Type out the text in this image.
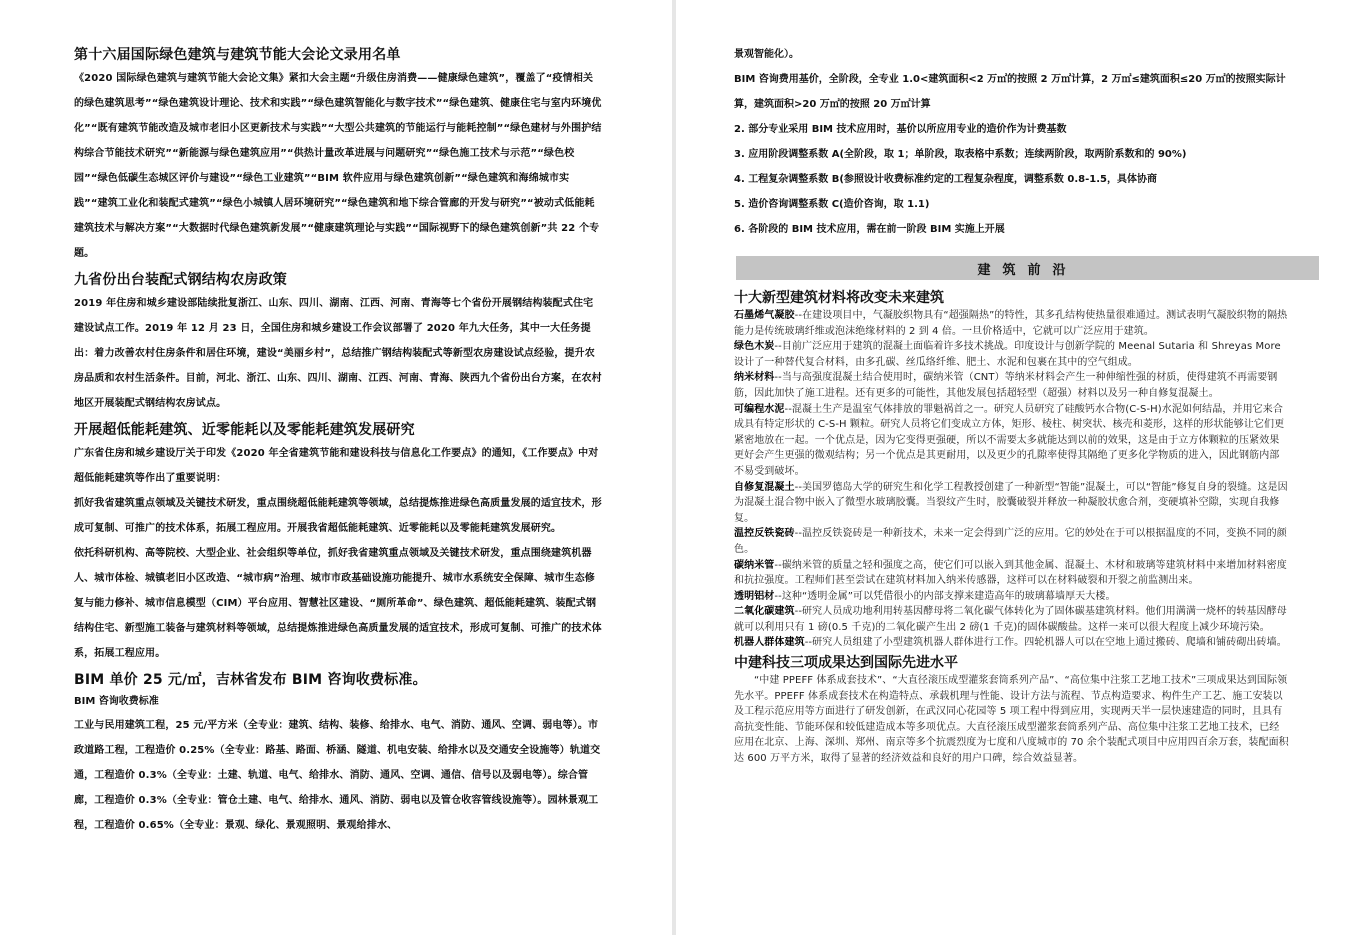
第十六届国际绿色建筑与建筑节能大会论文录用名单

《2020 国际绿色建筑与建筑节能大会论文集》紧扣大会主题“升级住房消费——健康绿色建筑”，覆盖了“疫情相关的绿色建筑思考”“绿色建筑设计理论、技术和实践”“绿色建筑智能化与数字技术”“绿色建筑、健康住宅与室内环境优化”“既有建筑节能改造及城市老旧小区更新技术与实践”“大型公共建筑的节能运行与能耗控制”“绿色建材与外围护结构综合节能技术研究”“新能源与绿色建筑应用”“供热计量改革进展与问题研究”“绿色施工技术与示范”“绿色校园”“绿色低碳生态城区评价与建设”“绿色工业建筑”“BIM 软件应用与绿色建筑创新”“绿色建筑和海绵城市实践”“建筑工业化和装配式建筑”“绿色小城镇人居环境研究”“绿色建筑和地下综合管廊的开发与研究”“被动式低能耗建筑技术与解决方案”“大数据时代绿色建筑新发展”“健康建筑理论与实践”“国际视野下的绿色建筑创新”共 22 个专题。

九省份出台装配式钢结构农房政策

2019 年住房和城乡建设部陆续批复浙江、山东、四川、湖南、江西、河南、青海等七个省份开展钢结构装配式住宅建设试点工作。2019 年 12 月 23 日，全国住房和城乡建设工作会议部署了 2020 年九大任务，其中一大任务提出：着力改善农村住房条件和居住环境，建设“美丽乡村”，总结推广钢结构装配式等新型农房建设试点经验，提升农房品质和农村生活条件。目前，河北、浙江、山东、四川、湖南、江西、河南、青海、陕西九个省份出台方案，在农村地区开展装配式钢结构农房试点。

开展超低能耗建筑、近零能耗以及零能耗建筑发展研究

广东省住房和城乡建设厅关于印发《2020 年全省建筑节能和建设科技与信息化工作要点》的通知，《工作要点》中对超低能耗建筑等作出了重要说明：

抓好我省建筑重点领域及关键技术研发，重点围绕超低能耗建筑等领域，总结提炼推进绿色高质量发展的适宜技术，形成可复制、可推广的技术体系，拓展工程应用。开展我省超低能耗建筑、近零能耗以及零能耗建筑发展研究。

依托科研机构、高等院校、大型企业、社会组织等单位，抓好我省建筑重点领域及关键技术研发，重点围绕建筑机器人、城市体检、城镇老旧小区改造、“城市病”治理、城市市政基础设施功能提升、城市水系统安全保障、城市生态修复与能力修补、城市信息模型（CIM）平台应用、智慧社区建设、“厕所革命”、绿色建筑、超低能耗建筑、装配式钢结构住宅、新型施工装备与建筑材料等领域，总结提炼推进绿色高质量发展的适宜技术，形成可复制、可推广的技术体系，拓展工程应用。

BIM 单价 25 元/㎡，吉林省发布 BIM 咨询收费标准。

BIM 咨询收费标准

工业与民用建筑工程，25 元/平方米（全专业：建筑、结构、装修、给排水、电气、消防、通风、空调、弱电等）。市政道路工程，工程造价 0.25%（全专业：路基、路面、桥涵、隧道、机电安装、给排水以及交通安全设施等）轨道交通，工程造价 0.3%（全专业：土建、轨道、电气、给排水、消防、通风、空调、通信、信号以及弱电等）。综合管廊，工程造价 0.3%（全专业：管仓土建、电气、给排水、通风、消防、弱电以及管仓收容管线设施等）。园林景观工程，工程造价 0.65%（全专业：景观、绿化、景观照明、景观给排水、

景观智能化）。

BIM 咨询费用基价，全阶段，全专业 1.0<建筑面积<2 万㎡的按照 2 万㎡计算，2 万㎡≤建筑面积≤20 万㎡的按照实际计算，建筑面积>20 万㎡的按照 20 万㎡计算

2. 部分专业采用 BIM 技术应用时，基价以所应用专业的造价作为计费基数

3. 应用阶段调整系数 A(全阶段，取 1；单阶段，取表格中系数；连续两阶段，取两阶系数和的 90%)

4. 工程复杂调整系数 B(参照设计收费标准约定的工程复杂程度，调整系数 0.8-1.5，具体协商

5. 造价咨询调整系数 C(造价咨询，取 1.1)

6. 各阶段的 BIM 技术应用，需在前一阶段 BIM 实施上开展

建筑前沿

十大新型建筑材料将改变未来建筑

石墨烯气凝胶--在建设项目中，气凝胶织物具有“超强隔热”的特性，其多孔结构使热量很难通过。测试表明气凝胶织物的隔热能力是传统玻璃纤维或泡沫绝缘材料的 2 到 4 倍。一旦价格适中，它就可以广泛应用于建筑。

绿色木炭--目前广泛应用于建筑的混凝土面临着许多技术挑战。印度设计与创新学院的 Meenal Sutaria 和 Shreyas More 设计了一种替代复合材料，由多孔碳、丝瓜络纤维、肥土、水泥和包裹在其中的空气组成。

纳米材料--当与高强度混凝土结合使用时，碳纳米管（CNT）等纳米材料会产生一种伸缩性强的材质，使得建筑不再需要钢筋，因此加快了施工进程。还有更多的可能性，其他发展包括超轻型（超强）材料以及另一种自修复混凝土。

可编程水泥--混凝土生产是温室气体排放的罪魁祸首之一。研究人员研究了硅酸钙水合物(C-S-H)水泥如何结晶，并用它来合成具有特定形状的 C-S-H 颗粒。研究人员将它们变成立方体，矩形、棱柱、树突状、核壳和菱形，这样的形状能够让它们更紧密地放在一起。一个优点是，因为它变得更强硬，所以不需要太多就能达到以前的效果，这是由于立方体颗粒的压紧效果更好会产生更强的微观结构；另一个优点是其更耐用，以及更少的孔隙率使得其隔绝了更多化学物质的进入，因此钢筋内部不易受到破坏。

自修复混凝土--美国罗德岛大学的研究生和化学工程教授创建了一种新型“智能”混凝土，可以“智能”修复自身的裂缝。这是因为混凝土混合物中嵌入了微型水玻璃胶囊。当裂纹产生时，胶囊破裂并释放一种凝胶状愈合剂，变硬填补空隙，实现自我修复。

温控反铁瓷砖--温控反铁瓷砖是一种新技术，未来一定会得到广泛的应用。它的妙处在于可以根据温度的不同，变换不同的颜色。

碳纳米管--碳纳米管的质量之轻和强度之高，使它们可以嵌入到其他金属、混凝土、木材和玻璃等建筑材料中来增加材料密度和抗拉强度。工程师们甚至尝试在建筑材料加入纳米传感器，这样可以在材料破裂和开裂之前监测出来。

透明铝材--这种“透明金属”可以凭借很小的内部支撑来建造高年的玻璃幕墙厚天大楼。

二氧化碳建筑--研究人员成功地利用转基因酵母将二氧化碳气体转化为了固体碳基建筑材料。他们用满满一烧杯的转基因酵母就可以利用只有 1 磅(0.5 千克)的二氧化碳产生出 2 磅(1 千克)的固体碳酸盐。这样一来可以很大程度上减少环境污染。

机器人群体建筑--研究人员组建了小型建筑机器人群体进行工作。四轮机器人可以在空地上通过搬砖、爬墙和铺砖砌出砖墙。

中建科技三项成果达到国际先进水平

“中建 PPEFF 体系成套技术”、“大直径滚压成型灌浆套筒系列产品”、“高位集中注浆工艺地工技术”三项成果达到国际领先水平。PPEFF 体系成套技术在构造特点、承载机理与性能、设计方法与流程、节点构造要求、构件生产工艺、施工安装以及工程示范应用等方面进行了研发创新，在武汉同心花园等 5 项工程中得到应用，实现两天半一层快速建造的同时，且具有高抗变性能、节能环保和较低建造成本等多项优点。大直径滚压成型灌浆套筒系列产品、高位集中注浆工艺地工技术，已经应用在北京、上海、深圳、郑州、南京等多个抗震烈度为七度和八度城市的 70 余个装配式项目中应用四百余万套，装配面积达 600 万平方米，取得了显著的经济效益和良好的用户口碑，综合效益显著。
